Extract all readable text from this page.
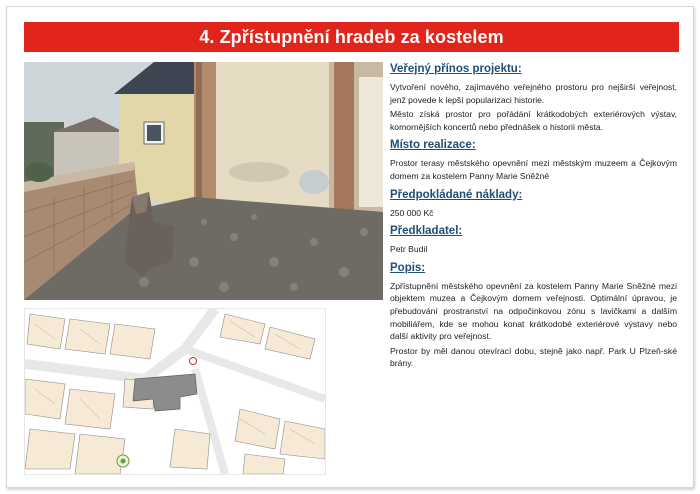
4. Zpřístupnění hradeb za kostelem
Veřejný přínos projektu:
Vytvoření nového, zajímavého veřejného prostoru pro nejširší veřejnost, jenž povede k lepší popularizaci historie.
Město získá prostor pro pořádání krátkodobých exteriérových výstav, komornějších koncertů nebo přednášek o historii města.
Místo realizace:
Prostor terasy městského opevnění mezi městským muzeem a Čejkovým domem za kostelem Panny Marie Sněžné
Předpokládané náklady:
250 000 Kč
Předkladatel:
Petr Budil
Popis:
Zpřístupnění městského opevnění za kostelem Panny Marie Sněžné mezi objektem muzea a Čejkovým domem veřejnosti. Optimální úpravou, je přebudování prostranství na odpočinkovou zónu s lavičkami a dalším mobiliářem, kde se mohou konat krátkodobé exteriérové výstavy nebo další aktivity pro veřejnost.
Prostor by měl danou otevírací dobu, stejně jako např. Park U Plzeň-ské brány.
